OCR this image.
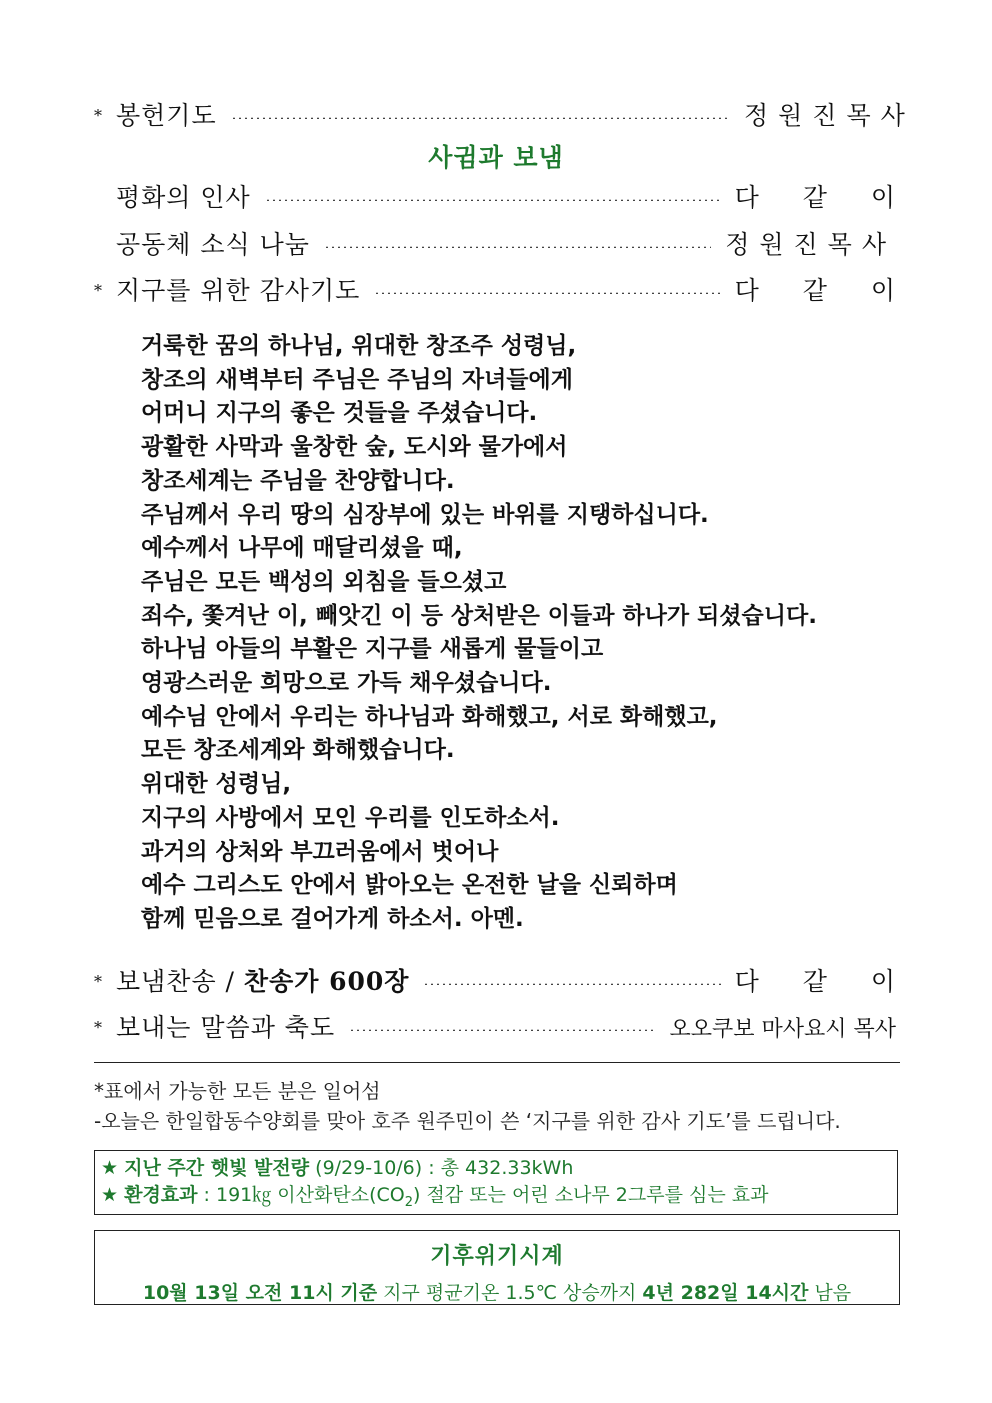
* 봉헌기도	정원진목사
사귐과 보냄
평화의 인사	다 같 이
공동체 소식 나눔	정원진목사
* 지구를 위한 감사기도	다 같 이
거룩한 꿈의 하나님, 위대한 창조주 성령님,
창조의 새벽부터 주님은 주님의 자녀들에게
어머니 지구의 좋은 것들을 주셨습니다.
광활한 사막과 울창한 숲, 도시와 물가에서
창조세계는 주님을 찬양합니다.
주님께서 우리 땅의 심장부에 있는 바위를 지탱하십니다.
예수께서 나무에 매달리셨을 때,
주님은 모든 백성의 외침을 들으셨고
죄수, 쫓겨난 이, 빼앗긴 이 등 상처받은 이들과 하나가 되셨습니다.
하나님 아들의 부활은 지구를 새롭게 물들이고
영광스러운 희망으로 가득 채우셨습니다.
예수님 안에서 우리는 하나님과 화해했고, 서로 화해했고,
모든 창조세계와 화해했습니다.
위대한 성령님,
지구의 사방에서 모인 우리를 인도하소서.
과거의 상처와 부끄러움에서 벗어나
예수 그리스도 안에서 밝아오는 온전한 날을 신뢰하며
함께 믿음으로 걸어가게 하소서. 아멘.
* 보냄찬송 / 찬송가 600장	다 같 이
* 보내는 말씀과 축도	오오쿠보 마사요시 목사
*표에서 가능한 모든 분은 일어섬
-오늘은 한일합동수양회를 맞아 호주 원주민이 쓴 ‘지구를 위한 감사 기도’를 드립니다.
★ 지난 주간 햇빛 발전량 (9/29-10/6) : 총 432.33kWh
★ 환경효과 : 191㎏ 이산화탄소$(CO_2)$ 절감 또는 어린 소나무 2그루를 심는 효과
기후위기시계
10월 13일 오전 11시 기준 지구 평균기온 1.5℃ 상승까지 4년 282일 14시간 남음
